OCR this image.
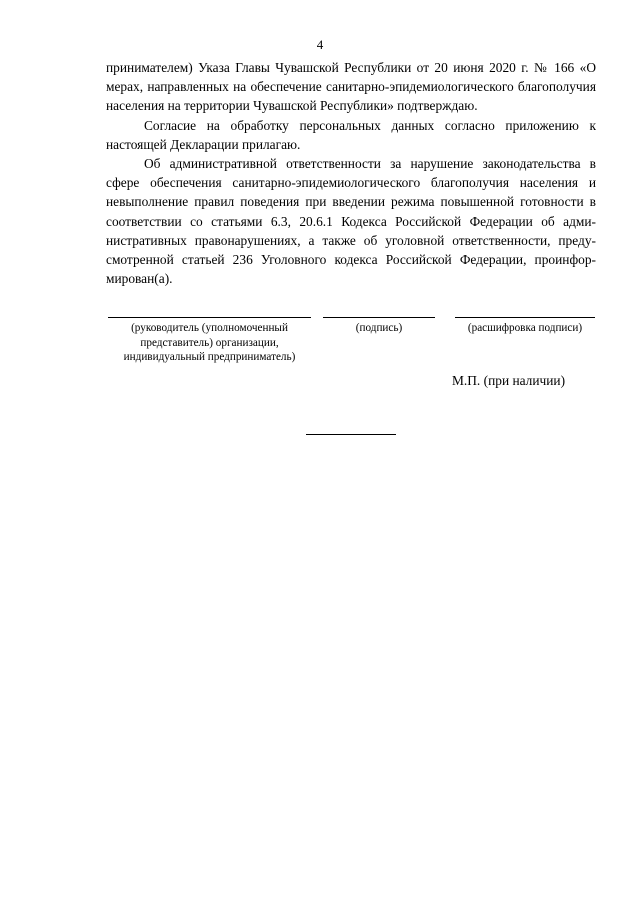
4

принимателем) Указа Главы Чувашской Республики от 20 июня 2020 г. № 166 «О мерах, направленных на обеспечение санитарно-эпидемиологического благополучия населения на территории Чувашской Республики» подтверждаю.

Согласие на обработку персональных данных согласно приложению к настоящей Декларации прилагаю.

Об административной ответственности за нарушение законодательства в сфере обеспечения санитарно-эпидемиологического благополучия населения и невыполнение правил поведения при введении режима повышенной готовности в соответствии со статьями 6.3, 20.6.1 Кодекса Российской Федерации об административных правонарушениях, а также об уголовной ответственности, предусмотренной статьей 236 Уголовного кодекса Российской Федерации, проинформирован(а).

(руководитель (уполномоченный представитель) организации, индивидуальный предприниматель)
(подпись)	(расшифровка подписи)
М.П. (при наличии)
